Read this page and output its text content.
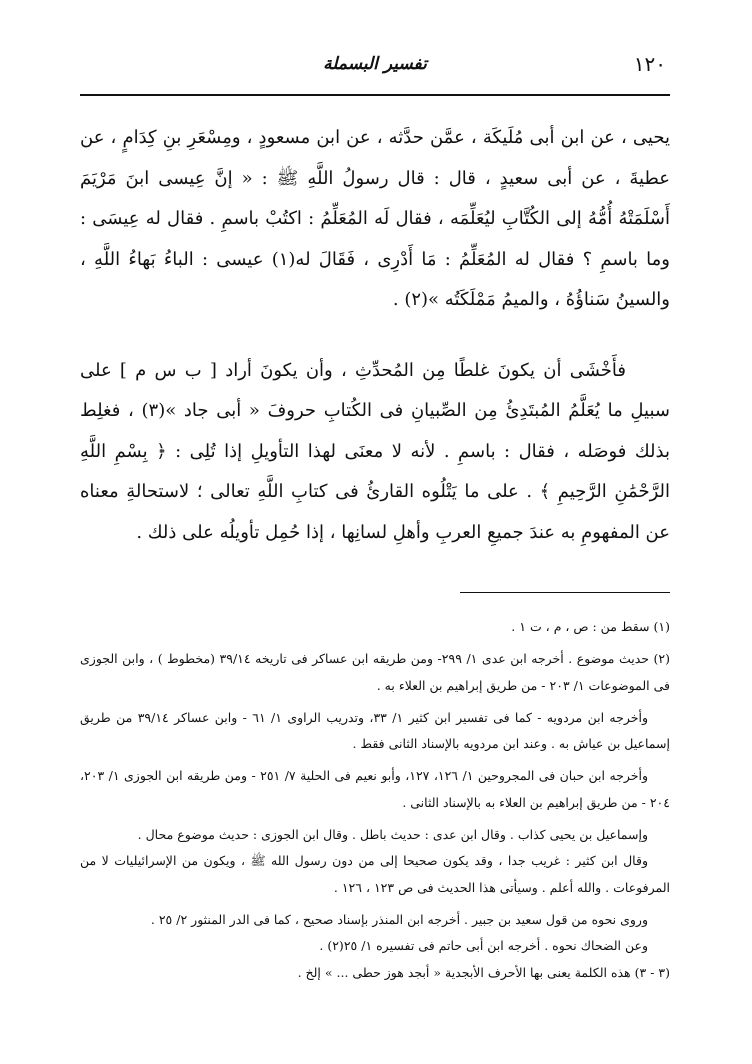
١٢٠
تفسير البسملة

يحيى ، عن ابن أبى مُلَيكَة ، عمَّن حدَّثه ، عن ابن مسعودٍ ، ومِسْعَرِ بنِ كِدَامٍ ، عن عطيةَ ، عن أبى سعيدٍ ، قال : قال رسولُ اللَّهِ ﷺ : « إنَّ عِيسى ابنَ مَرْيَمَ أَسْلَمَتْهُ أُمُّهُ إلى الكُتَّابِ ليُعَلِّمَه ، فقال لَه المُعَلِّمُ : اكتُبْ باسمِ . فقال له عِيسَى : وما باسمِ ؟ فقال له المُعَلِّمُ : مَا أَدْرِى ، فَقَالَ له(١) عيسى : الباءُ بَهاءُ اللَّهِ ، والسينُ سَناؤُهُ ، والميمُ مَمْلَكَتُه »(٢) .

فأَخْشَى أن يكونَ غلطًا مِن المُحدِّثِ ، وأن يكونَ أراد [ ب س م ] على سبيلِ ما يُعَلَّمُ المُبتَدِئُ مِن الصِّبيانِ فى الكُتابِ حروفَ « أبى جاد »(٣) ، فغلِط بذلك فوصَله ، فقال : باسمِ . لأنه لا معنَى لهذا التأويلِ إذا تُلِى : ﴿ بِسْمِ اللَّهِ الرَّحْمَٰنِ الرَّحِيمِ ﴾ . على ما يَتْلُوه القارئُ فى كتابِ اللَّهِ تعالى ؛ لاستحالةِ معناه عن المفهومِ به عندَ جميعِ العربِ وأهلِ لسانِها ، إذا حُمِل تأويلُه على ذلك .

(١) سقط من : ص ، م ، ت ١ .

(٢) حديث موضوع . أخرجه ابن عدى ١/ ٢٩٩- ومن طريقه ابن عساكر فى تاريخه ٣٩/١٤ (مخطوط ) ، وابن الجوزى فى الموضوعات ١/ ٢٠٣ - من طريق إبراهيم بن العلاء به .

وأخرجه ابن مردويه - كما فى تفسير ابن كثير ١/ ٣٣، وتدريب الراوى ١/ ٦١ - وابن عساكر ٣٩/١٤ من طريق إسماعيل بن عياش به . وعند ابن مردويه بالإسناد الثانى فقط .

وأخرجه ابن حبان فى المجروحين ١/ ١٢٦، ١٢٧، وأبو نعيم فى الحلية ٧/ ٢٥١ - ومن طريقه ابن الجوزى ١/ ٢٠٣، ٢٠٤ - من طريق إبراهيم بن العلاء به بالإسناد الثانى .

وإسماعيل بن يحيى كذاب . وقال ابن عدى : حديث باطل . وقال ابن الجوزى : حديث موضوع محال .

وقال ابن كثير : غريب جدا ، وقد يكون صحيحا إلى من دون رسول الله ﷺ ، ويكون من الإسرائيليات لا من المرفوعات . والله أعلم . وسيأتى هذا الحديث فى ص ١٢٣ ، ١٢٦ .

وروى نحوه من قول سعيد بن جبير . أخرجه ابن المنذر بإسناد صحيح ، كما فى الدر المنثور ٢/ ٢٥ .

وعن الضحاك نحوه . أخرجه ابن أبى حاتم فى تفسيره ١/ ٢٥(٢) .

(٣ - ٣) هذه الكلمة يعنى بها الأحرف الأبجدية « أبجد هوز حطى ... » إلخ .
